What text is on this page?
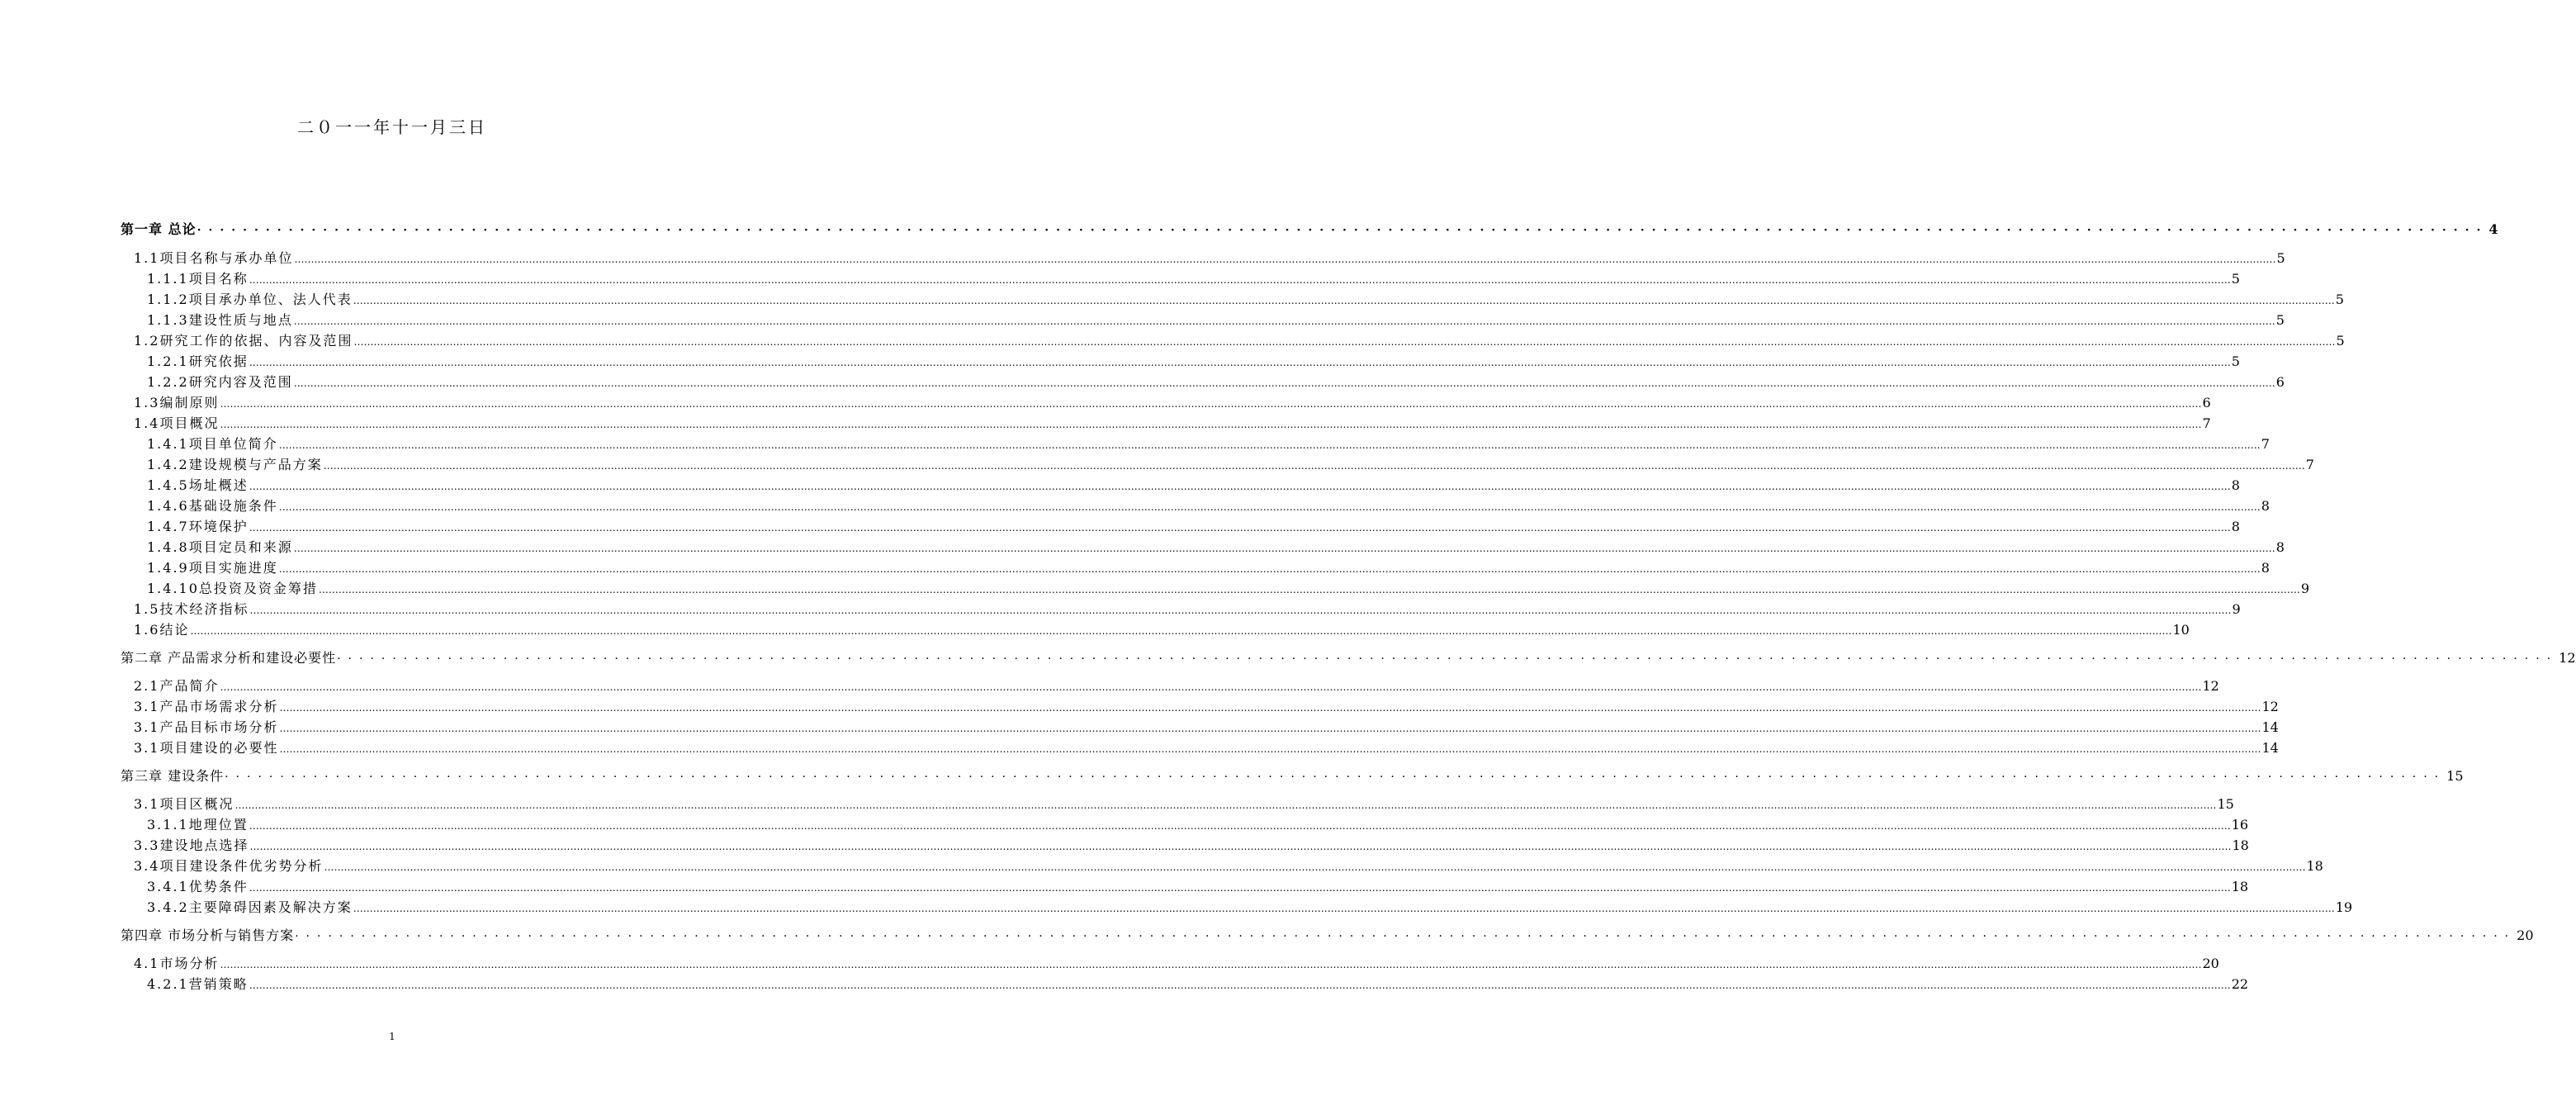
二０一一年十一月三日
第一章 总论 ········································································································································································································ 4
1.1项目名称与承办单位 …………………………………………………………………………………………………………………………………………………………………………………………………………………………………………………………………………………………………………………………………………………………………………………………………………………………………………………………………………………………………………………………………………………… 5
1.1.1项目名称 …………………………………………………………………………………………………………………………………………………………………………………………………………………………………………………………………………………………………………………………………………………………………………………………………………………………………………………………………………………………………………………………………………………… 5
1.1.2项目承办单位、法人代表 …………………………………………………………………………………………………………………………………………………………………………………………………………………………………………………………………………………………………………………………………………………………………………………………………………………………………………………………………………………………………………………………………………………… 5
1.1.3建设性质与地点 …………………………………………………………………………………………………………………………………………………………………………………………………………………………………………………………………………………………………………………………………………………………………………………………………………………………………………………………………………………………………………………………………………………… 5
1.2研究工作的依据、内容及范围 …………………………………………………………………………………………………………………………………………………………………………………………………………………………………………………………………………………………………………………………………………………………………………………………………………………………………………………………………………………………………………………………………………………… 5
1.2.1研究依据 …………………………………………………………………………………………………………………………………………………………………………………………………………………………………………………………………………………………………………………………………………………………………………………………………………………………………………………………………………………………………………………………………………………… 5
1.2.2研究内容及范围 …………………………………………………………………………………………………………………………………………………………………………………………………………………………………………………………………………………………………………………………………………………………………………………………………………………………………………………………………………………………………………………………………………………… 6
1.3编制原则 …………………………………………………………………………………………………………………………………………………………………………………………………………………………………………………………………………………………………………………………………………………………………………………………………………………………………………………………………………………………………………………………………………………… 6
1.4项目概况 …………………………………………………………………………………………………………………………………………………………………………………………………………………………………………………………………………………………………………………………………………………………………………………………………………………………………………………………………………………………………………………………………………………… 7
1.4.1项目单位简介 …………………………………………………………………………………………………………………………………………………………………………………………………………………………………………………………………………………………………………………………………………………………………………………………………………………………………………………………………………………………………………………………………………………… 7
1.4.2建设规模与产品方案 …………………………………………………………………………………………………………………………………………………………………………………………………………………………………………………………………………………………………………………………………………………………………………………………………………………………………………………………………………………………………………………………………………………… 7
1.4.5场址概述 …………………………………………………………………………………………………………………………………………………………………………………………………………………………………………………………………………………………………………………………………………………………………………………………………………………………………………………………………………………………………………………………………………………… 8
1.4.6基础设施条件 …………………………………………………………………………………………………………………………………………………………………………………………………………………………………………………………………………………………………………………………………………………………………………………………………………………………………………………………………………………………………………………………………………………… 8
1.4.7环境保护 …………………………………………………………………………………………………………………………………………………………………………………………………………………………………………………………………………………………………………………………………………………………………………………………………………………………………………………………………………………………………………………………………………………… 8
1.4.8项目定员和来源 …………………………………………………………………………………………………………………………………………………………………………………………………………………………………………………………………………………………………………………………………………………………………………………………………………………………………………………………………………………………………………………………………………………… 8
1.4.9项目实施进度 …………………………………………………………………………………………………………………………………………………………………………………………………………………………………………………………………………………………………………………………………………………………………………………………………………………………………………………………………………………………………………………………………………………… 8
1.4.10总投资及资金筹措 …………………………………………………………………………………………………………………………………………………………………………………………………………………………………………………………………………………………………………………………………………………………………………………………………………………………………………………………………………………………………………………………………………………… 9
1.5技术经济指标 …………………………………………………………………………………………………………………………………………………………………………………………………………………………………………………………………………………………………………………………………………………………………………………………………………………………………………………………………………………………………………………………………………………… 9
1.6结论 …………………………………………………………………………………………………………………………………………………………………………………………………………………………………………………………………………………………………………………………………………………………………………………………………………………………………………………………………………………………………………………………………………………… 10
第二章 产品需求分析和建设必要性 ········································································································································································································ 12
2.1产品简介 …………………………………………………………………………………………………………………………………………………………………………………………………………………………………………………………………………………………………………………………………………………………………………………………………………………………………………………………………………………………………………………………………………………… 12
3.1产品市场需求分析 …………………………………………………………………………………………………………………………………………………………………………………………………………………………………………………………………………………………………………………………………………………………………………………………………………………………………………………………………………………………………………………………………………………… 12
3.1产品目标市场分析 …………………………………………………………………………………………………………………………………………………………………………………………………………………………………………………………………………………………………………………………………………………………………………………………………………………………………………………………………………………………………………………………………………………… 14
3.1项目建设的必要性 …………………………………………………………………………………………………………………………………………………………………………………………………………………………………………………………………………………………………………………………………………………………………………………………………………………………………………………………………………………………………………………………………………………… 14
第三章 建设条件 ········································································································································································································ 15
3.1项目区概况 …………………………………………………………………………………………………………………………………………………………………………………………………………………………………………………………………………………………………………………………………………………………………………………………………………………………………………………………………………………………………………………………………………………… 15
3.1.1地理位置 …………………………………………………………………………………………………………………………………………………………………………………………………………………………………………………………………………………………………………………………………………………………………………………………………………………………………………………………………………………………………………………………………………………… 16
3.3建设地点选择 …………………………………………………………………………………………………………………………………………………………………………………………………………………………………………………………………………………………………………………………………………………………………………………………………………………………………………………………………………………………………………………………………………………… 18
3.4项目建设条件优劣势分析 …………………………………………………………………………………………………………………………………………………………………………………………………………………………………………………………………………………………………………………………………………………………………………………………………………………………………………………………………………………………………………………………………………………… 18
3.4.1优势条件 …………………………………………………………………………………………………………………………………………………………………………………………………………………………………………………………………………………………………………………………………………………………………………………………………………………………………………………………………………………………………………………………………………………… 18
3.4.2主要障碍因素及解决方案 …………………………………………………………………………………………………………………………………………………………………………………………………………………………………………………………………………………………………………………………………………………………………………………………………………………………………………………………………………………………………………………………………………………… 19
第四章 市场分析与销售方案 ········································································································································································································ 20
4.1市场分析 …………………………………………………………………………………………………………………………………………………………………………………………………………………………………………………………………………………………………………………………………………………………………………………………………………………………………………………………………………………………………………………………………………………… 20
4.2.1营销策略 …………………………………………………………………………………………………………………………………………………………………………………………………………………………………………………………………………………………………………………………………………………………………………………………………………………………………………………………………………………………………………………………………………………… 22
1
